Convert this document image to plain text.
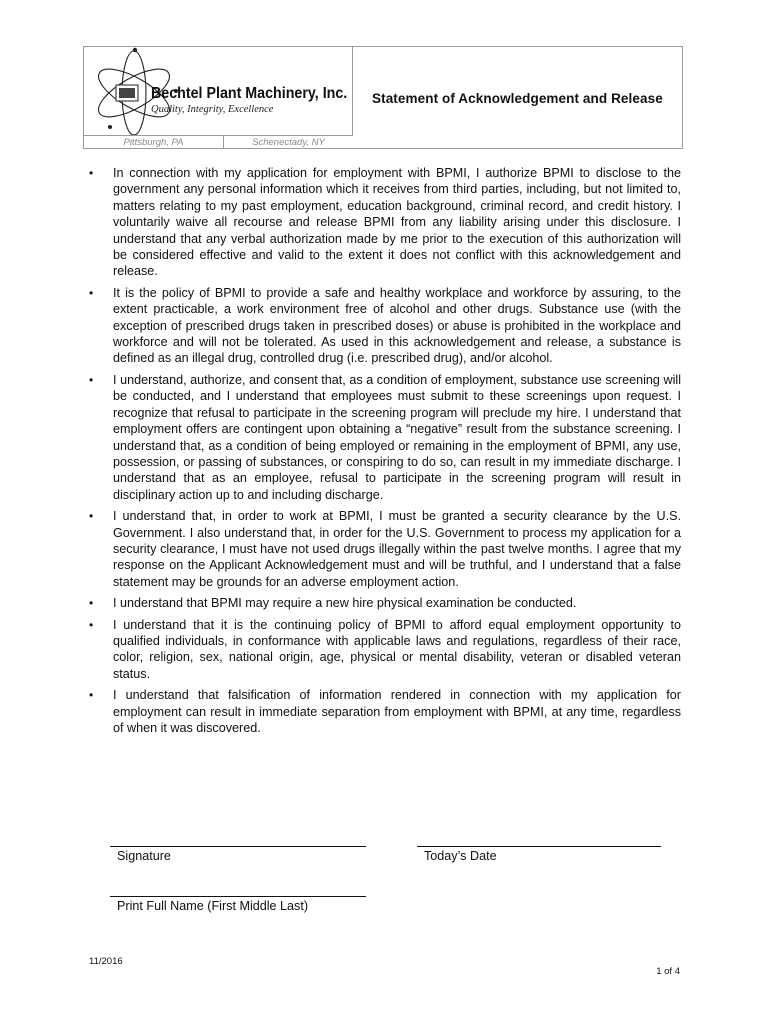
Bechtel Plant Machinery, Inc.
Quality, Integrity, Excellence
Statement of Acknowledgement and Release
Pittsburgh, PA	Schenectady, NY
• In connection with my application for employment with BPMI, I authorize BPMI to disclose to the government any personal information which it receives from third parties, including, but not limited to, matters relating to my past employment, education background, criminal record, and credit history. I voluntarily waive all recourse and release BPMI from any liability arising under this disclosure. I understand that any verbal authorization made by me prior to the execution of this authorization will be considered effective and valid to the extent it does not conflict with this acknowledgement and release.
• It is the policy of BPMI to provide a safe and healthy workplace and workforce by assuring, to the extent practicable, a work environment free of alcohol and other drugs. Substance use (with the exception of prescribed drugs taken in prescribed doses) or abuse is prohibited in the workplace and workforce and will not be tolerated. As used in this acknowledgement and release, a substance is defined as an illegal drug, controlled drug (i.e. prescribed drug), and/or alcohol.
• I understand, authorize, and consent that, as a condition of employment, substance use screening will be conducted, and I understand that employees must submit to these screenings upon request. I recognize that refusal to participate in the screening program will preclude my hire. I understand that employment offers are contingent upon obtaining a “negative” result from the substance screening. I understand that, as a condition of being employed or remaining in the employment of BPMI, any use, possession, or passing of substances, or conspiring to do so, can result in my immediate discharge. I understand that as an employee, refusal to participate in the screening program will result in disciplinary action up to and including discharge.
• I understand that, in order to work at BPMI, I must be granted a security clearance by the U.S. Government. I also understand that, in order for the U.S. Government to process my application for a security clearance, I must have not used drugs illegally within the past twelve months. I agree that my response on the Applicant Acknowledgement must and will be truthful, and I understand that a false statement may be grounds for an adverse employment action.
• I understand that BPMI may require a new hire physical examination be conducted.
• I understand that it is the continuing policy of BPMI to afford equal employment opportunity to qualified individuals, in conformance with applicable laws and regulations, regardless of their race, color, religion, sex, national origin, age, physical or mental disability, veteran or disabled veteran status.
• I understand that falsification of information rendered in connection with my application for employment can result in immediate separation from employment with BPMI, at any time, regardless of when it was discovered.
Signature	Today’s Date
Print Full Name (First Middle Last)
11/2016
1 of 4
